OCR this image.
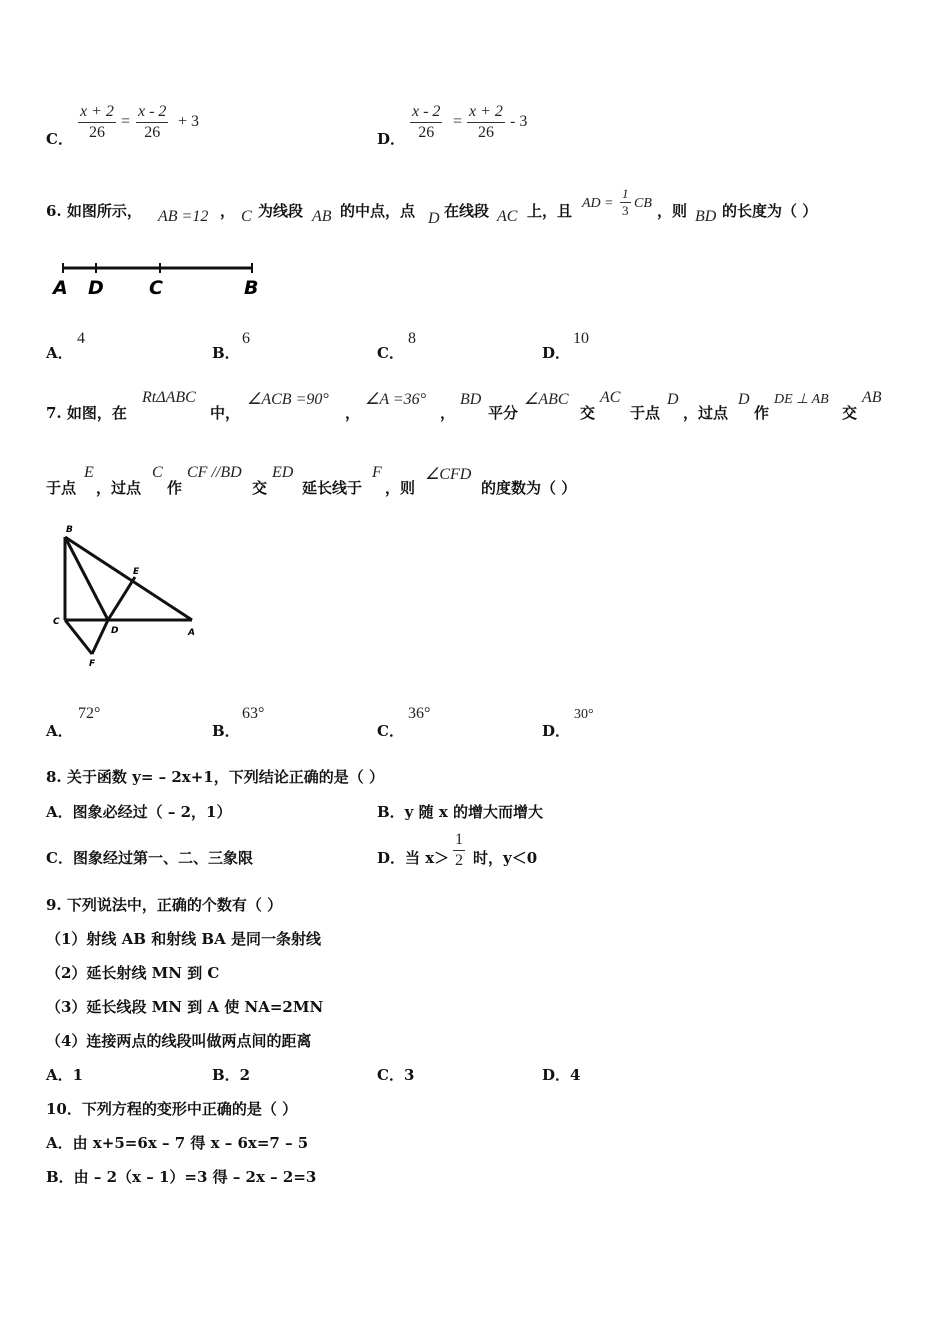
C． $\frac{x + 2}{26} = \frac{x - 2}{26} + 3$
D． $\frac{x - 2}{26} = \frac{x + 2}{26} - 3$
6. 如图所示， AB =12 ， C 为线段 AB 的中点，点 D 在线段 AC 上，且 AD = $\frac{1}{3}$ CB ，则 BD 的长度为（ ）
A D C	B
A．
4
B．
6
C．
8
D．
10
7. 如图，在
RtΔABC
中，
∠ACB =90°
，
∠A =36°
，
BD
平分
∠ABC
交
AC
于点
D
，过点
D
作
DE ⊥ AB
交
AB
于点
E
，过点
C
作
CF //BD
交
ED
延长线于
F
，则
∠CFD
的度数为（ ）
B
C
D	A
E
F
A．
72°
B．
63°
C．
36°
D．
30°
8. 关于函数 y= – 2x+1，下列结论正确的是（ ）
A．图象必经过（ – 2，1）	B．y 随 x 的增大而增大
C．图象经过第一、二、三象限	D．当 $x> \frac{1}{2}$ 时，y＜0
9. 下列说法中，正确的个数有（ ）
（1）射线 AB 和射线 BA 是同一条射线
（2）延长射线 MN 到 C
（3）延长线段 MN 到 A 使 NA=2MN
（4）连接两点的线段叫做两点间的距离
A．1	B．2	C．3	D．4
10．下列方程的变形中正确的是（ ）
A．由 x+5=6x – 7 得 x – 6x=7 – 5
B．由 – 2（x – 1）=3 得 – 2x – 2=3
